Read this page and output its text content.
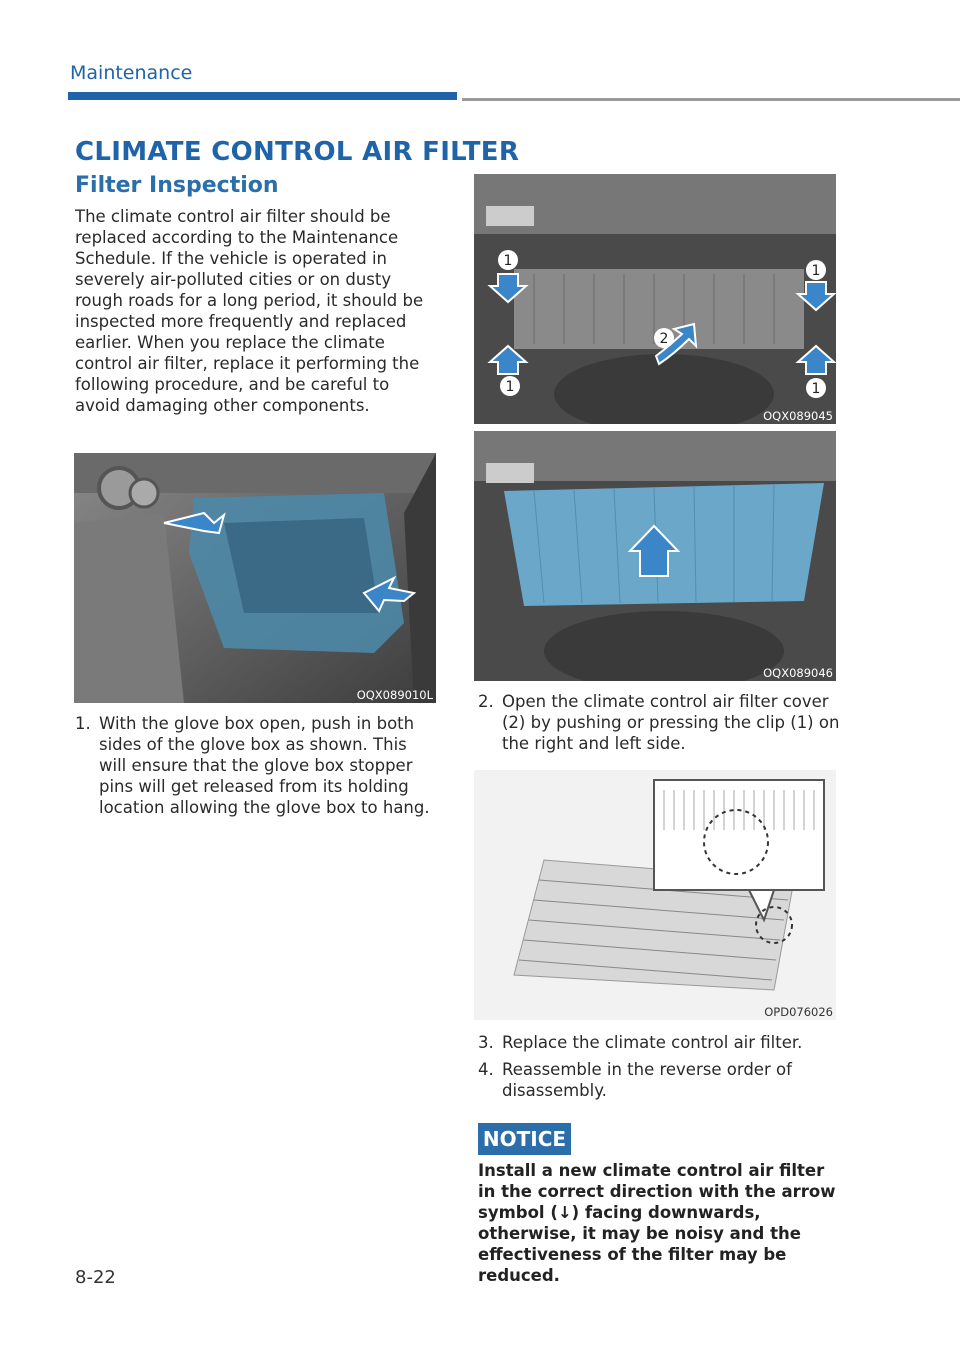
Maintenance
CLIMATE CONTROL AIR FILTER
Filter Inspection
The climate control air filter should be replaced according to the Maintenance Schedule. If the vehicle is operated in severely air-polluted cities or on dusty rough roads for a long period, it should be inspected more frequently and replaced earlier. When you replace the climate control air filter, replace it performing the following procedure, and be careful to avoid damaging other components.
OQX089010L
1. With the glove box open, push in both sides of the glove box as shown. This will ensure that the glove box stopper pins will get released from its holding location allowing the glove box to hang.
1
1
2
1
1
OQX089045
OQX089046
2. Open the climate control air filter cover (2) by pushing or pressing the clip (1) on the right and left side.
OPD076026
3. Replace the climate control air filter.
4. Reassemble in the reverse order of disassembly.
NOTICE
Install a new climate control air filter in the correct direction with the arrow symbol (↓) facing downwards, otherwise, it may be noisy and the effectiveness of the filter may be reduced.
8-22
